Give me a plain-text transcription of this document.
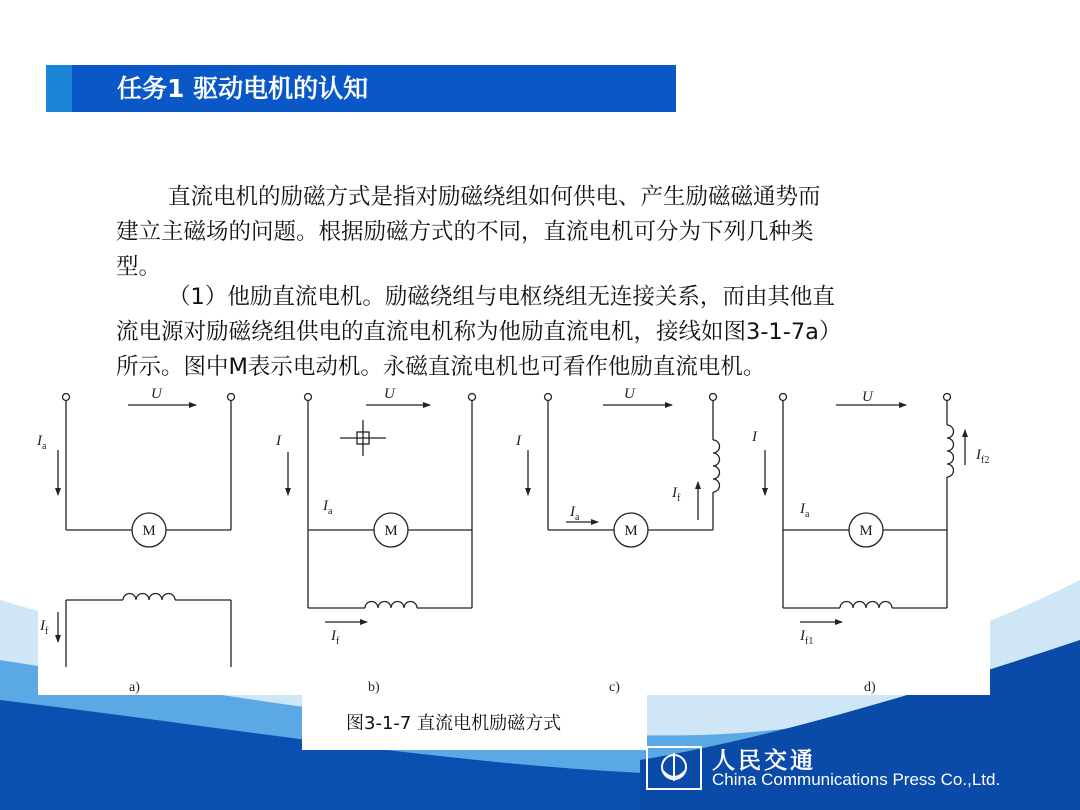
任务1 驱动电机的认知
直流电机的励磁方式是指对励磁绕组如何供电、产生励磁磁通势而
建立主磁场的问题。根据励磁方式的不同，直流电机可分为下列几种类
型。
（1）他励直流电机。励磁绕组与电枢绕组无连接关系，而由其他直
流电源对励磁绕组供电的直流电机称为他励直流电机，接线如图3-1-7a）
所示。图中M表示电动机。永磁直流电机也可看作他励直流电机。
M	M	M	M
U	U	U	U
$I_a$
$I_f$
I
$I_a$
$I_f$
I
$I_a$
$I_f$
I
$I_a$
$I_{f1}$
$I_{f2}$
a)	b)	c)	d)
图3-1-7 直流电机励磁方式
人民交通
China Communications Press Co.,Ltd.
